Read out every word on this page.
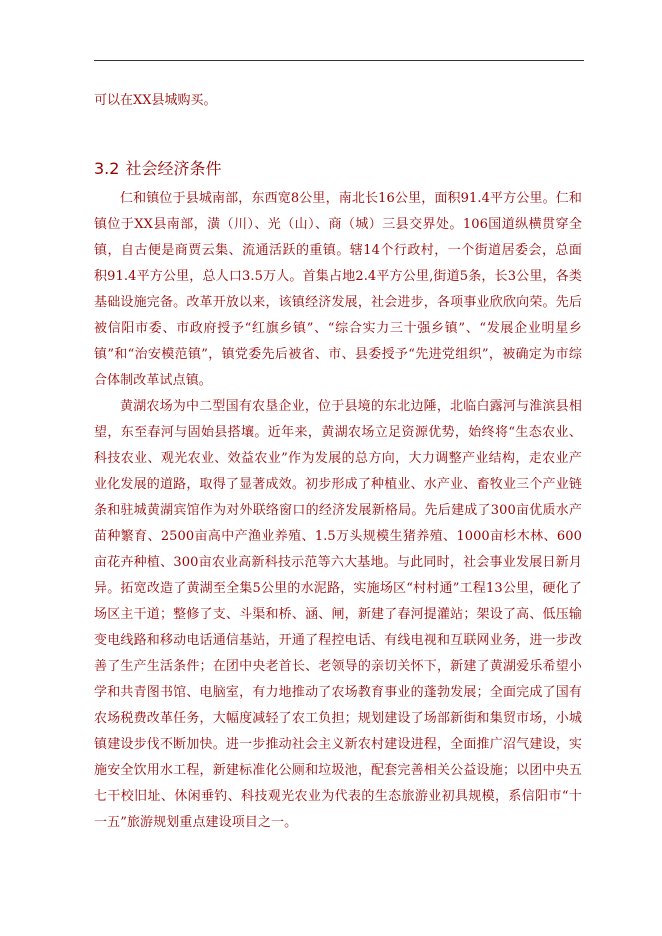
可以在XX县城购买。

3.2 社会经济条件

仁和镇位于县城南部，东西宽8公里，南北长16公里，面积91.4平方公里。仁和镇位于XX县南部，潢（川）、光（山）、商（城）三县交界处。106国道纵横贯穿全镇，自古便是商贾云集、流通活跃的重镇。辖14个行政村，一个街道居委会，总面积91.4平方公里，总人口3.5万人。首集占地2.4平方公里,街道5条，长3公里，各类基础设施完备。改革开放以来，该镇经济发展，社会进步，各项事业欣欣向荣。先后被信阳市委、市政府授予“红旗乡镇”、“综合实力三十强乡镇”、“发展企业明星乡镇”和“治安模范镇”，镇党委先后被省、市、县委授予“先进党组织”，被确定为市综合体制改革试点镇。

黄湖农场为中二型国有农垦企业，位于县境的东北边陲，北临白露河与淮滨县相望，东至春河与固始县搭壤。近年来，黄湖农场立足资源优势，始终将“生态农业、科技农业、观光农业、效益农业”作为发展的总方向，大力调整产业结构，走农业产业化发展的道路，取得了显著成效。初步形成了种植业、水产业、畜牧业三个产业链条和驻城黄湖宾馆作为对外联络窗口的经济发展新格局。先后建成了300亩优质水产苗种繁育、2500亩高中产渔业养殖、1.5万头规模生猪养殖、1000亩杉木林、600亩花卉种植、300亩农业高新科技示范等六大基地。与此同时，社会事业发展日新月异。拓宽改造了黄湖至全集5公里的水泥路，实施场区“村村通”工程13公里，硬化了场区主干道；整修了支、斗渠和桥、涵、闸，新建了春河提灌站；架设了高、低压输变电线路和移动电话通信基站，开通了程控电话、有线电视和互联网业务，进一步改善了生产生活条件；在团中央老首长、老领导的亲切关怀下，新建了黄湖爱乐希望小学和共青图书馆、电脑室，有力地推动了农场教育事业的蓬勃发展；全面完成了国有农场税费改革任务，大幅度减轻了农工负担；规划建设了场部新街和集贸市场，小城镇建设步伐不断加快。进一步推动社会主义新农村建设进程，全面推广沼气建设，实施安全饮用水工程，新建标准化公厕和垃圾池，配套完善相关公益设施；以团中央五七干校旧址、休闲垂钓、科技观光农业为代表的生态旅游业初具规模，系信阳市“十一五”旅游规划重点建设项目之一。
